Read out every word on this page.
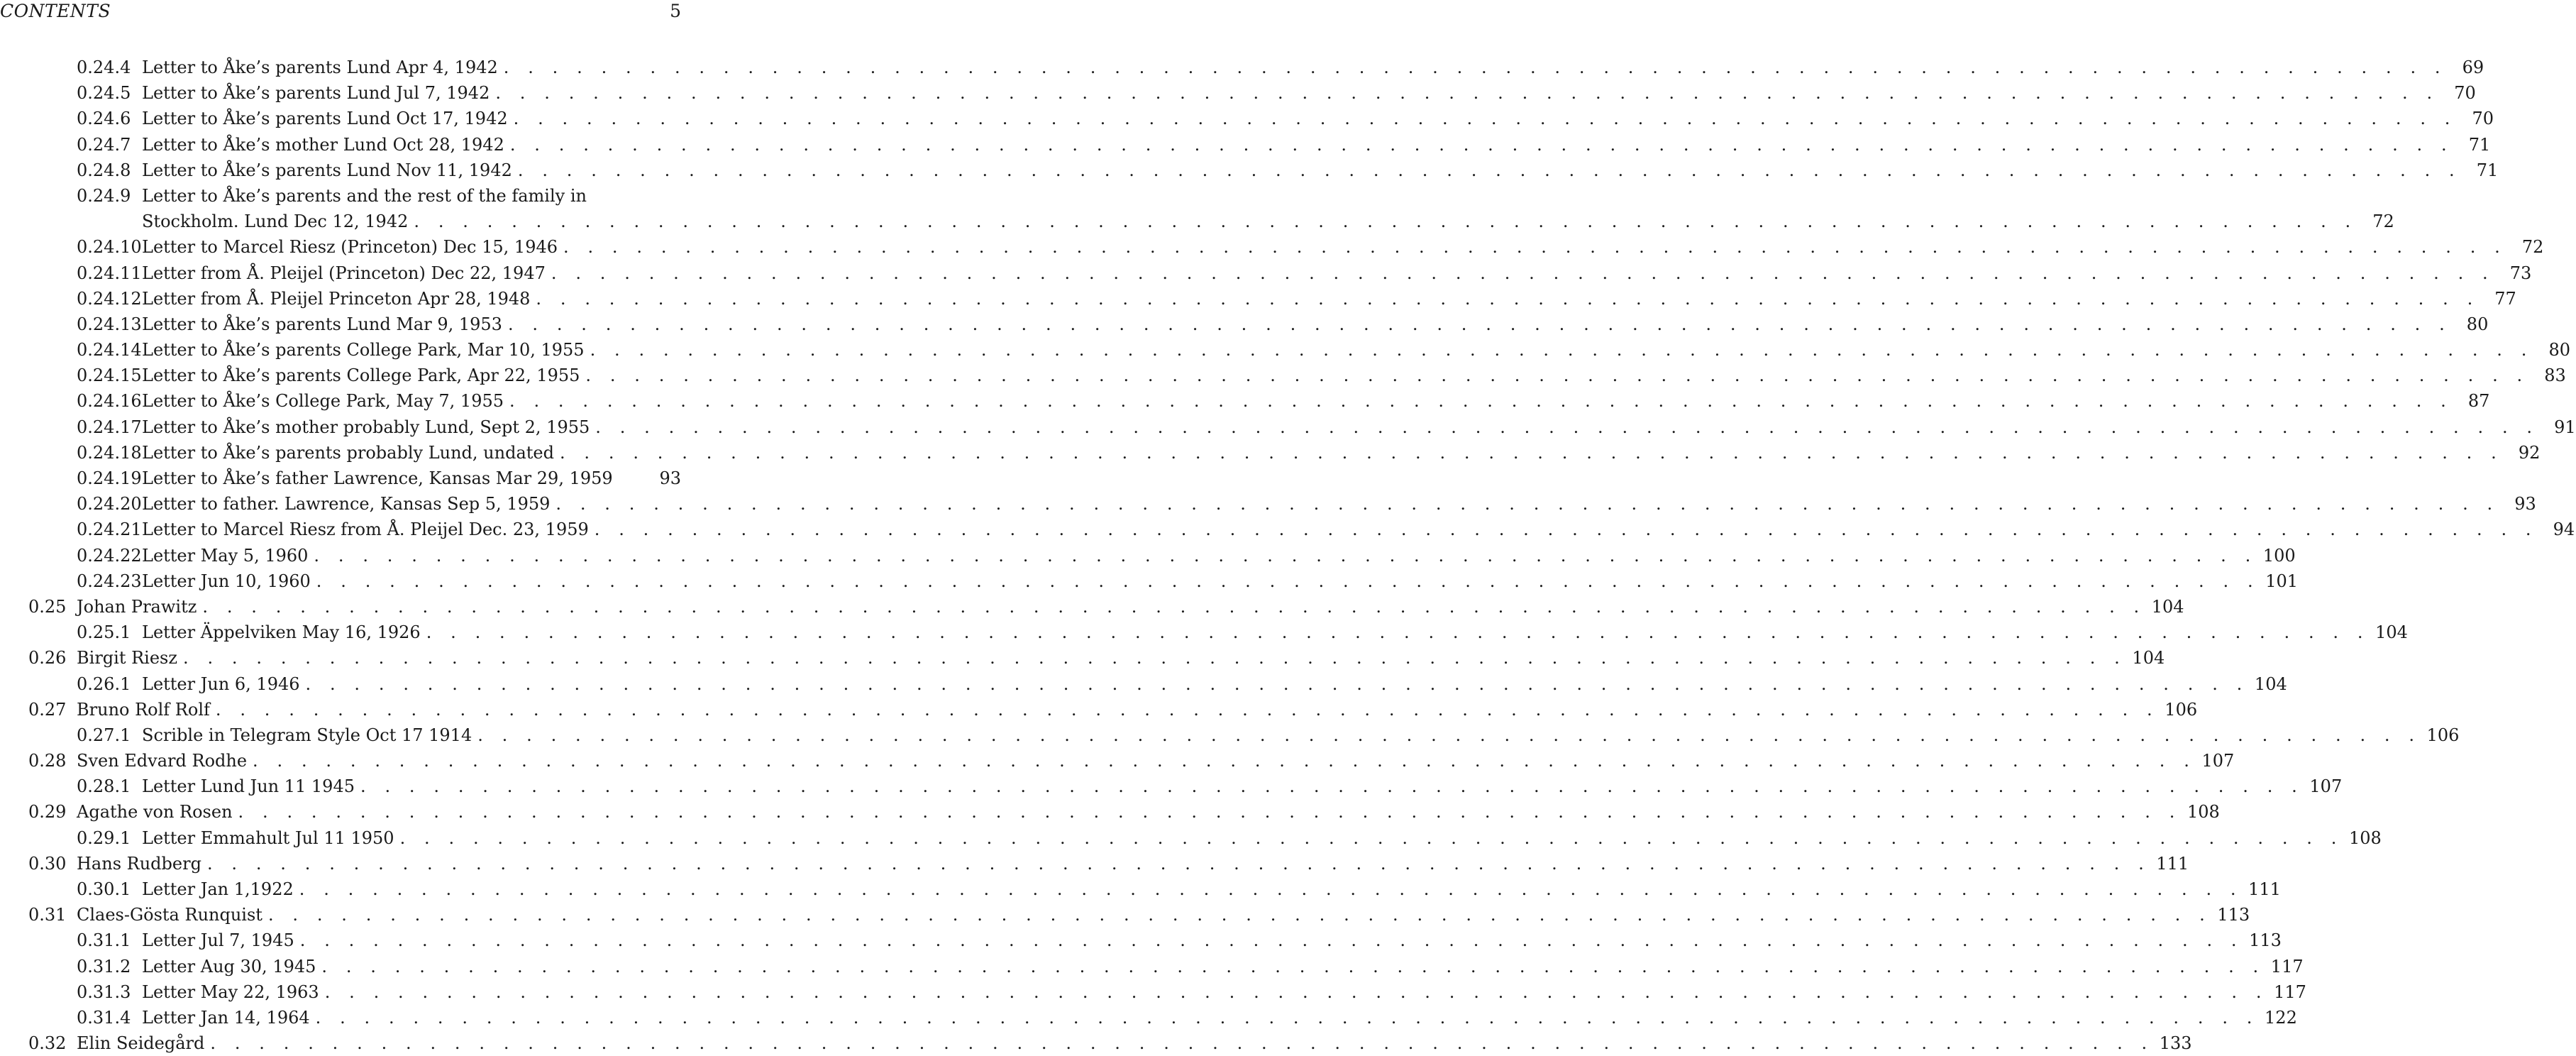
CONTENTS	5
0.24.4 Letter to Åke’s parents Lund Apr 4, 1942 . . . . . . . . . . . . . . . . . . . . . . . . . . . . . . . . . . . . . . . . . . . . . . . . . . . . . . . . . . . . . . . . . . . . . . . . . . . . . . . . 69
0.24.5 Letter to Åke’s parents Lund Jul 7, 1942 . . . . . . . . . . . . . . . . . . . . . . . . . . . . . . . . . . . . . . . . . . . . . . . . . . . . . . . . . . . . . . . . . . . . . . . . . . . . . . . . 70
0.24.6 Letter to Åke’s parents Lund Oct 17, 1942 . . . . . . . . . . . . . . . . . . . . . . . . . . . . . . . . . . . . . . . . . . . . . . . . . . . . . . . . . . . . . . . . . . . . . . . . . . . . . . . . 70
0.24.7 Letter to Åke’s mother Lund Oct 28, 1942 . . . . . . . . . . . . . . . . . . . . . . . . . . . . . . . . . . . . . . . . . . . . . . . . . . . . . . . . . . . . . . . . . . . . . . . . . . . . . . . . 71
0.24.8 Letter to Åke’s parents Lund Nov 11, 1942 . . . . . . . . . . . . . . . . . . . . . . . . . . . . . . . . . . . . . . . . . . . . . . . . . . . . . . . . . . . . . . . . . . . . . . . . . . . . . . . . 71
0.24.9 Letter to Åke’s parents and the rest of the family in
Stockholm. Lund Dec 12, 1942 . . . . . . . . . . . . . . . . . . . . . . . . . . . . . . . . . . . . . . . . . . . . . . . . . . . . . . . . . . . . . . . . . . . . . . . . . . . . . . . . 72
0.24.10 Letter to Marcel Riesz (Princeton) Dec 15, 1946 . . . . . . . . . . . . . . . . . . . . . . . . . . . . . . . . . . . . . . . . . . . . . . . . . . . . . . . . . . . . . . . . . . . . . . . . . . . . . . . . 72
0.24.11 Letter from Å. Pleijel (Princeton) Dec 22, 1947 . . . . . . . . . . . . . . . . . . . . . . . . . . . . . . . . . . . . . . . . . . . . . . . . . . . . . . . . . . . . . . . . . . . . . . . . . . . . . . . . 73
0.24.12 Letter from Å. Pleijel Princeton Apr 28, 1948 . . . . . . . . . . . . . . . . . . . . . . . . . . . . . . . . . . . . . . . . . . . . . . . . . . . . . . . . . . . . . . . . . . . . . . . . . . . . . . . . 77
0.24.13 Letter to Åke’s parents Lund Mar 9, 1953 . . . . . . . . . . . . . . . . . . . . . . . . . . . . . . . . . . . . . . . . . . . . . . . . . . . . . . . . . . . . . . . . . . . . . . . . . . . . . . . . 80
0.24.14 Letter to Åke’s parents College Park, Mar 10, 1955 . . . . . . . . . . . . . . . . . . . . . . . . . . . . . . . . . . . . . . . . . . . . . . . . . . . . . . . . . . . . . . . . . . . . . . . . . . . . . . . . 80
0.24.15 Letter to Åke’s parents College Park, Apr 22, 1955 . . . . . . . . . . . . . . . . . . . . . . . . . . . . . . . . . . . . . . . . . . . . . . . . . . . . . . . . . . . . . . . . . . . . . . . . . . . . . . . . 83
0.24.16 Letter to Åke’s College Park, May 7, 1955 . . . . . . . . . . . . . . . . . . . . . . . . . . . . . . . . . . . . . . . . . . . . . . . . . . . . . . . . . . . . . . . . . . . . . . . . . . . . . . . . 87
0.24.17 Letter to Åke’s mother probably Lund, Sept 2, 1955 . . . . . . . . . . . . . . . . . . . . . . . . . . . . . . . . . . . . . . . . . . . . . . . . . . . . . . . . . . . . . . . . . . . . . . . . . . . . . . . . 91
0.24.18 Letter to Åke’s parents probably Lund, undated . . . . . . . . . . . . . . . . . . . . . . . . . . . . . . . . . . . . . . . . . . . . . . . . . . . . . . . . . . . . . . . . . . . . . . . . . . . . . . . . 92
0.24.19 Letter to Åke’s father Lawrence, Kansas Mar 29, 1959	93
0.24.20 Letter to father. Lawrence, Kansas Sep 5, 1959 . . . . . . . . . . . . . . . . . . . . . . . . . . . . . . . . . . . . . . . . . . . . . . . . . . . . . . . . . . . . . . . . . . . . . . . . . . . . . . . . 93
0.24.21 Letter to Marcel Riesz from Å. Pleijel Dec. 23, 1959 . . . . . . . . . . . . . . . . . . . . . . . . . . . . . . . . . . . . . . . . . . . . . . . . . . . . . . . . . . . . . . . . . . . . . . . . . . . . . . . . 94
0.24.22 Letter May 5, 1960 . . . . . . . . . . . . . . . . . . . . . . . . . . . . . . . . . . . . . . . . . . . . . . . . . . . . . . . . . . . . . . . . . . . . . . . . . . . . . . . . 100
0.24.23 Letter Jun 10, 1960 . . . . . . . . . . . . . . . . . . . . . . . . . . . . . . . . . . . . . . . . . . . . . . . . . . . . . . . . . . . . . . . . . . . . . . . . . . . . . . . . 101
0.25 Johan Prawitz . . . . . . . . . . . . . . . . . . . . . . . . . . . . . . . . . . . . . . . . . . . . . . . . . . . . . . . . . . . . . . . . . . . . . . . . . . . . . . . . 104
0.25.1 Letter Äppelviken May 16, 1926 . . . . . . . . . . . . . . . . . . . . . . . . . . . . . . . . . . . . . . . . . . . . . . . . . . . . . . . . . . . . . . . . . . . . . . . . . . . . . . . . 104
0.26 Birgit Riesz . . . . . . . . . . . . . . . . . . . . . . . . . . . . . . . . . . . . . . . . . . . . . . . . . . . . . . . . . . . . . . . . . . . . . . . . . . . . . . . . 104
0.26.1 Letter Jun 6, 1946 . . . . . . . . . . . . . . . . . . . . . . . . . . . . . . . . . . . . . . . . . . . . . . . . . . . . . . . . . . . . . . . . . . . . . . . . . . . . . . . . 104
0.27 Bruno Rolf Rolf . . . . . . . . . . . . . . . . . . . . . . . . . . . . . . . . . . . . . . . . . . . . . . . . . . . . . . . . . . . . . . . . . . . . . . . . . . . . . . . . 106
0.27.1 Scrible in Telegram Style Oct 17 1914 . . . . . . . . . . . . . . . . . . . . . . . . . . . . . . . . . . . . . . . . . . . . . . . . . . . . . . . . . . . . . . . . . . . . . . . . . . . . . . . . 106
0.28 Sven Edvard Rodhe . . . . . . . . . . . . . . . . . . . . . . . . . . . . . . . . . . . . . . . . . . . . . . . . . . . . . . . . . . . . . . . . . . . . . . . . . . . . . . . . 107
0.28.1 Letter Lund Jun 11 1945 . . . . . . . . . . . . . . . . . . . . . . . . . . . . . . . . . . . . . . . . . . . . . . . . . . . . . . . . . . . . . . . . . . . . . . . . . . . . . . . . 107
0.29 Agathe von Rosen . . . . . . . . . . . . . . . . . . . . . . . . . . . . . . . . . . . . . . . . . . . . . . . . . . . . . . . . . . . . . . . . . . . . . . . . . . . . . . . . 108
0.29.1 Letter Emmahult Jul 11 1950 . . . . . . . . . . . . . . . . . . . . . . . . . . . . . . . . . . . . . . . . . . . . . . . . . . . . . . . . . . . . . . . . . . . . . . . . . . . . . . . . 108
0.30 Hans Rudberg . . . . . . . . . . . . . . . . . . . . . . . . . . . . . . . . . . . . . . . . . . . . . . . . . . . . . . . . . . . . . . . . . . . . . . . . . . . . . . . . 111
0.30.1 Letter Jan 1,1922 . . . . . . . . . . . . . . . . . . . . . . . . . . . . . . . . . . . . . . . . . . . . . . . . . . . . . . . . . . . . . . . . . . . . . . . . . . . . . . . . 111
0.31 Claes-Gösta Runquist . . . . . . . . . . . . . . . . . . . . . . . . . . . . . . . . . . . . . . . . . . . . . . . . . . . . . . . . . . . . . . . . . . . . . . . . . . . . . . . . 113
0.31.1 Letter Jul 7, 1945 . . . . . . . . . . . . . . . . . . . . . . . . . . . . . . . . . . . . . . . . . . . . . . . . . . . . . . . . . . . . . . . . . . . . . . . . . . . . . . . . 113
0.31.2 Letter Aug 30, 1945 . . . . . . . . . . . . . . . . . . . . . . . . . . . . . . . . . . . . . . . . . . . . . . . . . . . . . . . . . . . . . . . . . . . . . . . . . . . . . . . . 117
0.31.3 Letter May 22, 1963 . . . . . . . . . . . . . . . . . . . . . . . . . . . . . . . . . . . . . . . . . . . . . . . . . . . . . . . . . . . . . . . . . . . . . . . . . . . . . . . . 117
0.31.4 Letter Jan 14, 1964 . . . . . . . . . . . . . . . . . . . . . . . . . . . . . . . . . . . . . . . . . . . . . . . . . . . . . . . . . . . . . . . . . . . . . . . . . . . . . . . . 122
0.32 Elin Seidegård . . . . . . . . . . . . . . . . . . . . . . . . . . . . . . . . . . . . . . . . . . . . . . . . . . . . . . . . . . . . . . . . . . . . . . . . . . . . . . . . 133
